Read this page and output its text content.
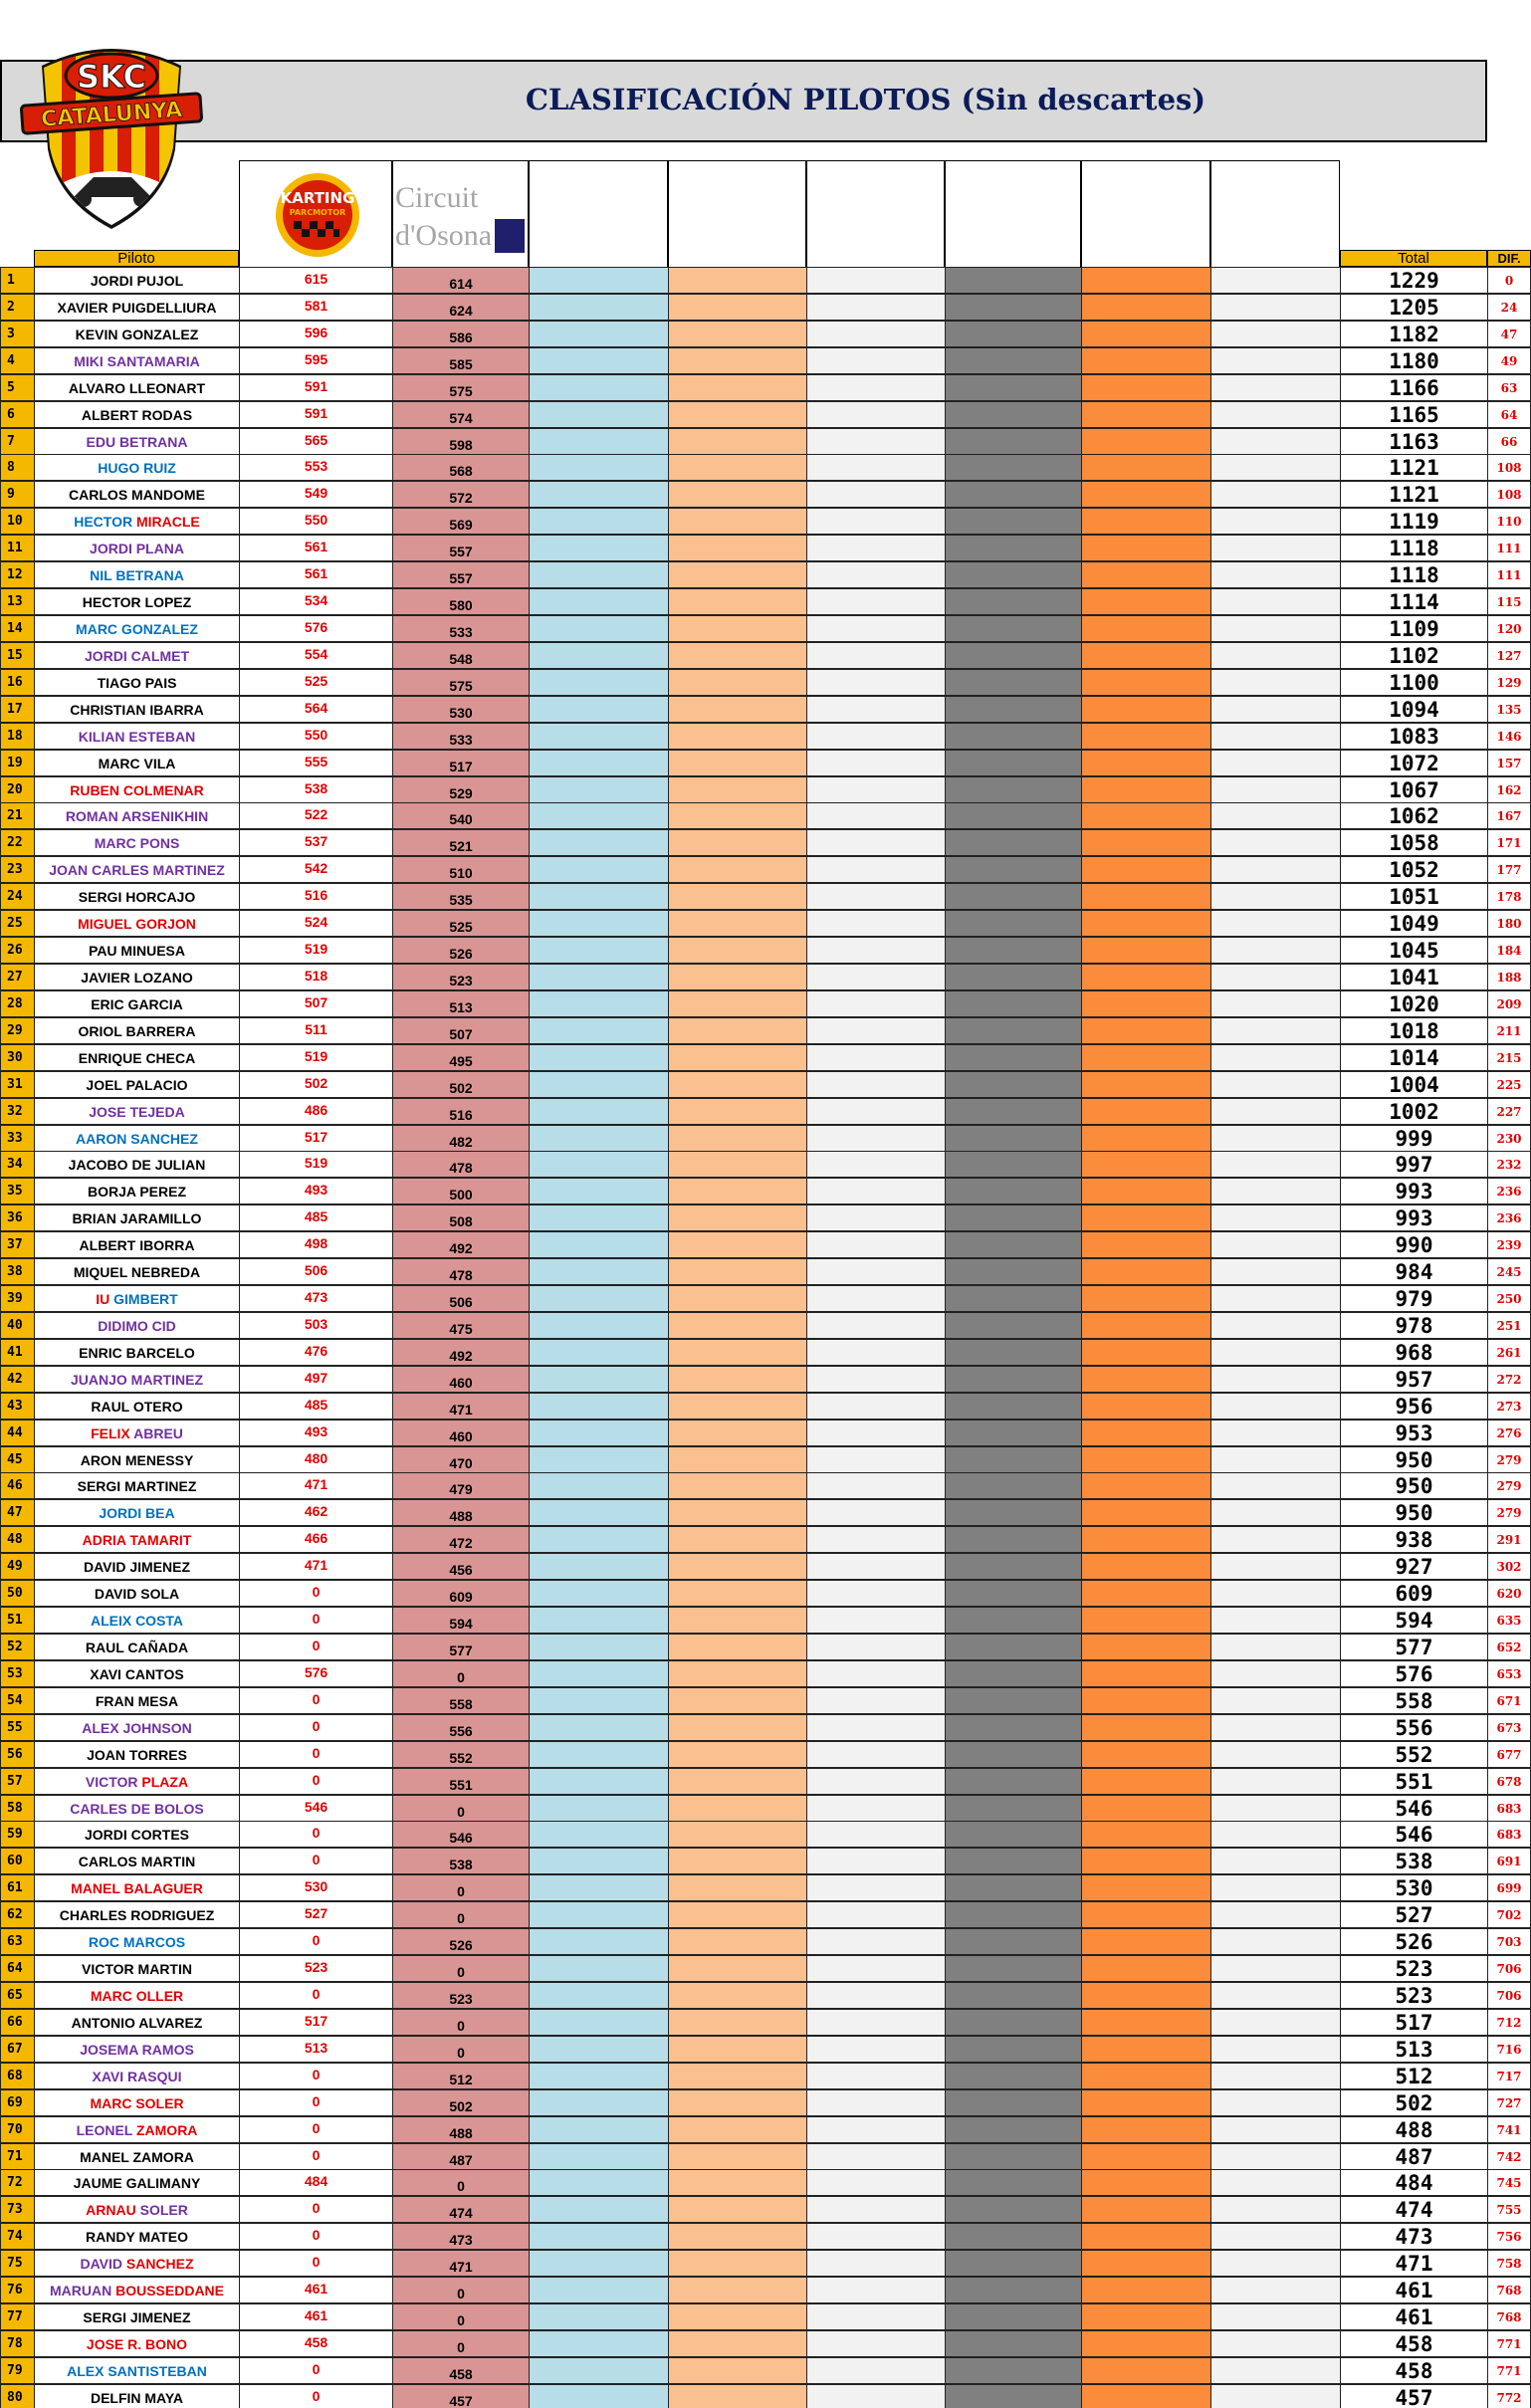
CLASIFICACIÓN PILOTOS (Sin descartes)
SKC
CATALUNYA
KARTING
PARCMOTOR Circuit
d'Osona
Piloto	Total	DIF.
1	JORDI PUJOL	615	614	1229	0
2	XAVIER PUIGDELLIURA	581	624	1205	24
3	KEVIN GONZALEZ	596	586	1182	47
4	MIKI SANTAMARIA	595	585	1180	49
5	ALVARO LLEONART	591	575	1166	63
6	ALBERT RODAS	591	574	1165	64
7	EDU BETRANA	565	598	1163	66
8	HUGO RUIZ	553	568	1121	108
9	CARLOS MANDOME	549	572	1121	108
10	HECTOR MIRACLE	550	569	1119	110
11	JORDI PLANA	561	557	1118	111
12	NIL BETRANA	561	557	1118	111
13	HECTOR LOPEZ	534	580	1114	115
14	MARC GONZALEZ	576	533	1109	120
15	JORDI CALMET	554	548	1102	127
16	TIAGO PAIS	525	575	1100	129
17	CHRISTIAN IBARRA	564	530	1094	135
18	KILIAN ESTEBAN	550	533	1083	146
19	MARC VILA	555	517	1072	157
20	RUBEN COLMENAR	538	529	1067	162
21	ROMAN ARSENIKHIN	522	540	1062	167
22	MARC PONS	537	521	1058	171
23	JOAN CARLES MARTINEZ	542	510	1052	177
24	SERGI HORCAJO	516	535	1051	178
25	MIGUEL GORJON	524	525	1049	180
26	PAU MINUESA	519	526	1045	184
27	JAVIER LOZANO	518	523	1041	188
28	ERIC GARCIA	507	513	1020	209
29	ORIOL BARRERA	511	507	1018	211
30	ENRIQUE CHECA	519	495	1014	215
31	JOEL PALACIO	502	502	1004	225
32	JOSE TEJEDA	486	516	1002	227
33	AARON SANCHEZ	517	482	999	230
34	JACOBO DE JULIAN	519	478	997	232
35	BORJA PEREZ	493	500	993	236
36	BRIAN JARAMILLO	485	508	993	236
37	ALBERT IBORRA	498	492	990	239
38	MIQUEL NEBREDA	506	478	984	245
39	IU GIMBERT	473	506	979	250
40	DIDIMO CID	503	475	978	251
41	ENRIC BARCELO	476	492	968	261
42	JUANJO MARTINEZ	497	460	957	272
43	RAUL OTERO	485	471	956	273
44	FELIX ABREU	493	460	953	276
45	ARON MENESSY	480	470	950	279
46	SERGI MARTINEZ	471	479	950	279
47	JORDI BEA	462	488	950	279
48	ADRIA TAMARIT	466	472	938	291
49	DAVID JIMENEZ	471	456	927	302
50	DAVID SOLA	0	609	609	620
51	ALEIX COSTA	0	594	594	635
52	RAUL CAÑADA	0	577	577	652
53	XAVI CANTOS	576	0	576	653
54	FRAN MESA	0	558	558	671
55	ALEX JOHNSON	0	556	556	673
56	JOAN TORRES	0	552	552	677
57	VICTOR PLAZA	0	551	551	678
58	CARLES DE BOLOS	546	0	546	683
59	JORDI CORTES	0	546	546	683
60	CARLOS MARTIN	0	538	538	691
61	MANEL BALAGUER	530	0	530	699
62	CHARLES RODRIGUEZ	527	0	527	702
63	ROC MARCOS	0	526	526	703
64	VICTOR MARTIN	523	0	523	706
65	MARC OLLER	0	523	523	706
66	ANTONIO ALVAREZ	517	0	517	712
67	JOSEMA RAMOS	513	0	513	716
68	XAVI RASQUI	0	512	512	717
69	MARC SOLER	0	502	502	727
70	LEONEL ZAMORA	0	488	488	741
71	MANEL ZAMORA	0	487	487	742
72	JAUME GALIMANY	484	0	484	745
73	ARNAU SOLER	0	474	474	755
74	RANDY MATEO	0	473	473	756
75	DAVID SANCHEZ	0	471	471	758
76	MARUAN BOUSSEDDANE	461	0	461	768
77	SERGI JIMENEZ	461	0	461	768
78	JOSE R. BONO	458	0	458	771
79	ALEX SANTISTEBAN	0	458	458	771
80	DELFIN MAYA	0	457	457	772
